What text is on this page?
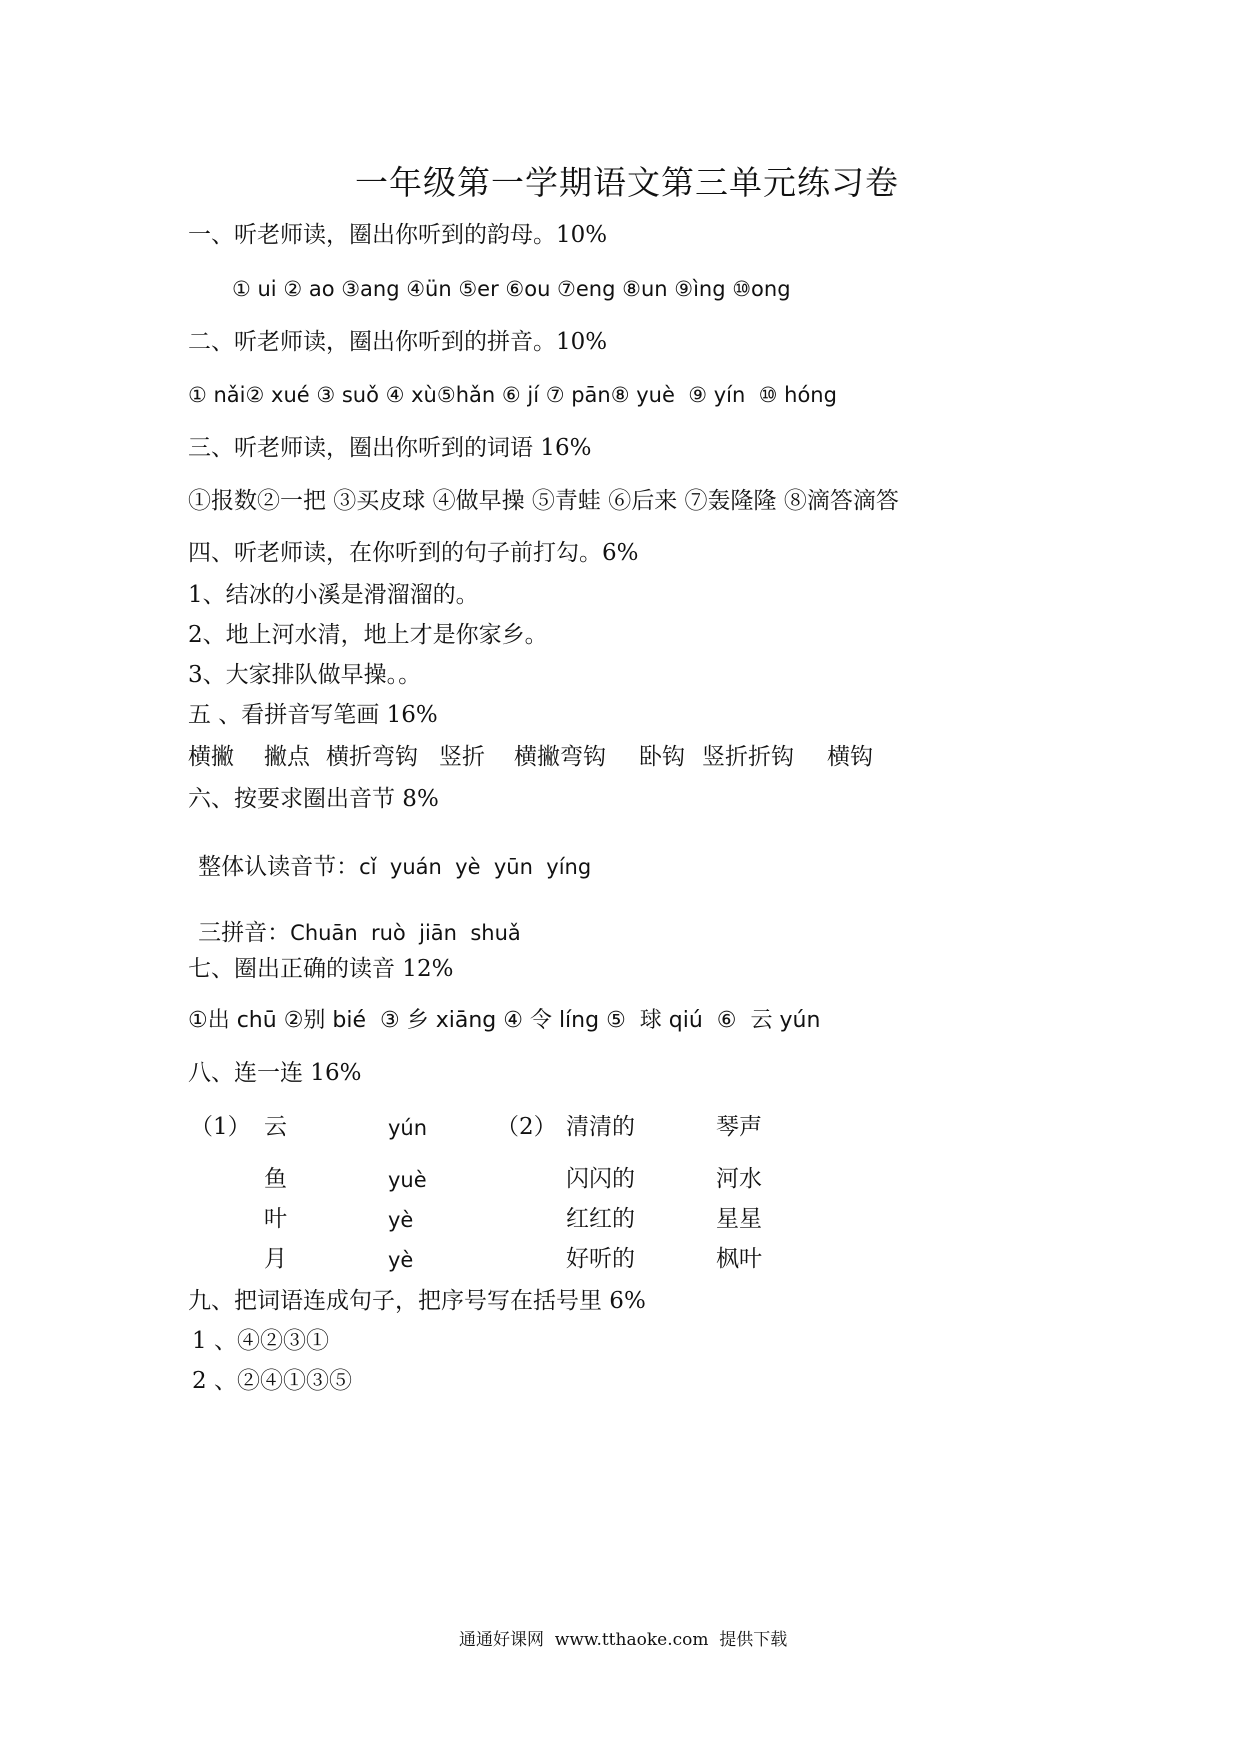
一年级第一学期语文第三单元练习卷
一、听老师读，圈出你听到的韵母。10%
① ui ② ao ③ang ④ün ⑤er ⑥ou ⑦eng ⑧un ⑨ìng ⑩ong
二、听老师读，圈出你听到的拼音。10%
① nǎi② xué ③ suǒ ④ xù⑤hǎn ⑥ jí ⑦ pān⑧ yuè  ⑨ yín  ⑩ hóng
三、听老师读，圈出你听到的词语 16%
①报数②一把 ③买皮球 ④做早操 ⑤青蛙 ⑥后来 ⑦轰隆隆 ⑧滴答滴答
四、听老师读，在你听到的句子前打勾。6%
1、结冰的小溪是滑溜溜的。
2、地上河水清，地上才是你家乡。
3、大家排队做早操。。
五 、看拼音写笔画 16%
横撇 撇点 横折弯钩 竖折 横撇弯钩 卧钩 竖折折钩 横钩
六、按要求圈出音节 8%

整体认读音节：cǐ  yuán  yè  yūn  yíng

三拼音：Chuān  ruò  jiān  shuǎ

七、圈出正确的读音 12%
①出 chū ②别 bié  ③ 乡 xiāng ④ 令 líng ⑤  球 qiú  ⑥  云 yún
八、连一连 16%
（1） 云	yún	（2） 清清的	琴声
鱼	yuè	闪闪的	河水
叶	yè	红红的	星星
月	yè	好听的	枫叶
九、把词语连成句子，把序号写在括号里 6%
1 、④②③①
2 、②④①③⑤
通通好课网  www.tthaoke.com  提供下载
